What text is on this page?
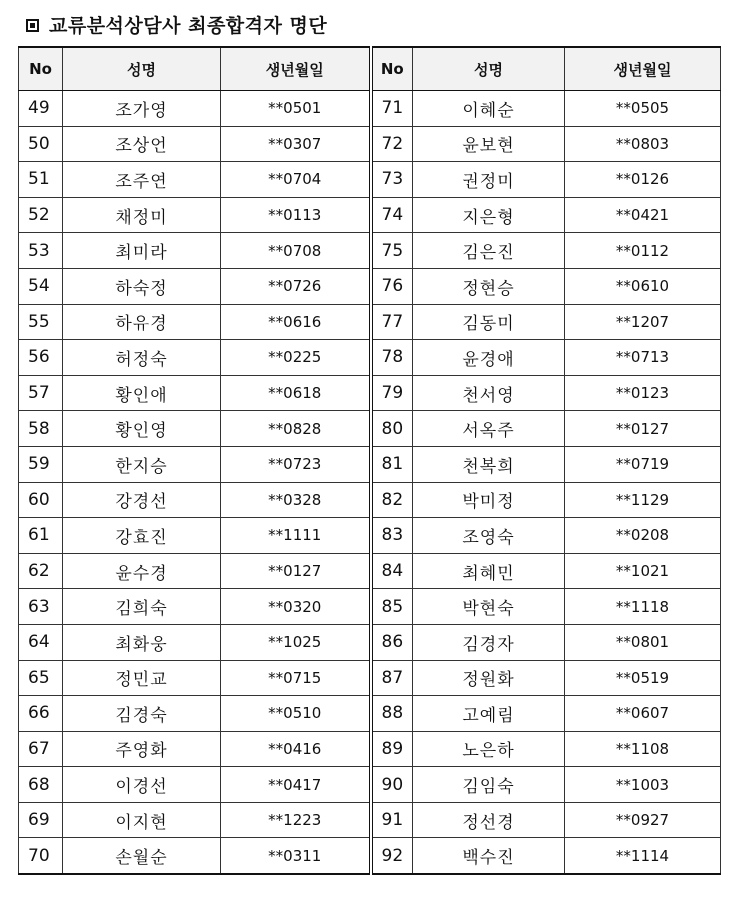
교류분석상담사 최종합격자 명단
No	성명	생년월일	No	성명	생년월일
49	조가영	**0501	71	이혜순	**0505
50	조상언	**0307	72	윤보현	**0803
51	조주연	**0704	73	권정미	**0126
52	채정미	**0113	74	지은형	**0421
53	최미라	**0708	75	김은진	**0112
54	하숙정	**0726	76	정현승	**0610
55	하유경	**0616	77	김동미	**1207
56	허정숙	**0225	78	윤경애	**0713
57	황인애	**0618	79	천서영	**0123
58	황인영	**0828	80	서옥주	**0127
59	한지승	**0723	81	천복희	**0719
60	강경선	**0328	82	박미정	**1129
61	강효진	**1111	83	조영숙	**0208
62	윤수경	**0127	84	최혜민	**1021
63	김희숙	**0320	85	박현숙	**1118
64	최화웅	**1025	86	김경자	**0801
65	정민교	**0715	87	정원화	**0519
66	김경숙	**0510	88	고예림	**0607
67	주영화	**0416	89	노은하	**1108
68	이경선	**0417	90	김임숙	**1003
69	이지현	**1223	91	정선경	**0927
70	손월순	**0311	92	백수진	**1114
